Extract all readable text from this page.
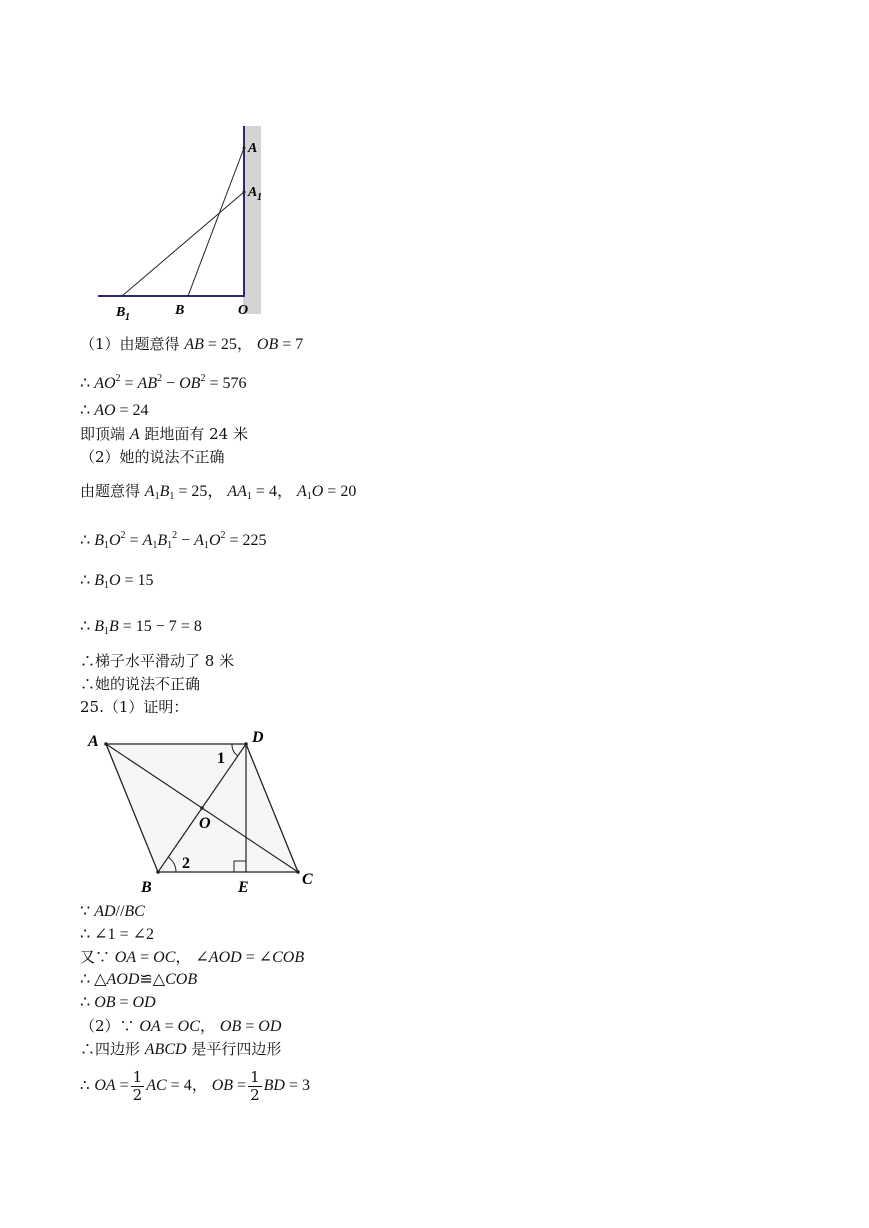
A
A 1
B 1	B	O
（1）由题意得 AB = 25， OB = 7
∴ $AO^2 = AB^2 - OB^2 = 576$
∴ AO = 24
即顶端 A 距地面有 24 米
（2）她的说法不正确
由题意得 $A_1B_1 = 25$， $AA_1 = 4$， $A_1O = 20$
∴ $B_1O^2 = A_1B_1^2 - A_1O^2 = 225$
∴ $B_1O = 15$
∴ $B_1B = 15 - 7 = 8$
∴梯子水平滑动了 8 米
∴她的说法不正确
25.（1）证明：
A	D
B	C
O
E
1
2
∵ AD//BC
∴ ∠1 = ∠2
又∵ OA = OC， ∠AOD = ∠COB
∴ △AOD≌△COB
∴ OB = OD
（2）∵ OA = OC， OB = OD
∴四边形 ABCD 是平行四边形
∴ OA = $\frac{1}{2}$ AC = 4， OB = $\frac{1}{2}$ BD = 3
